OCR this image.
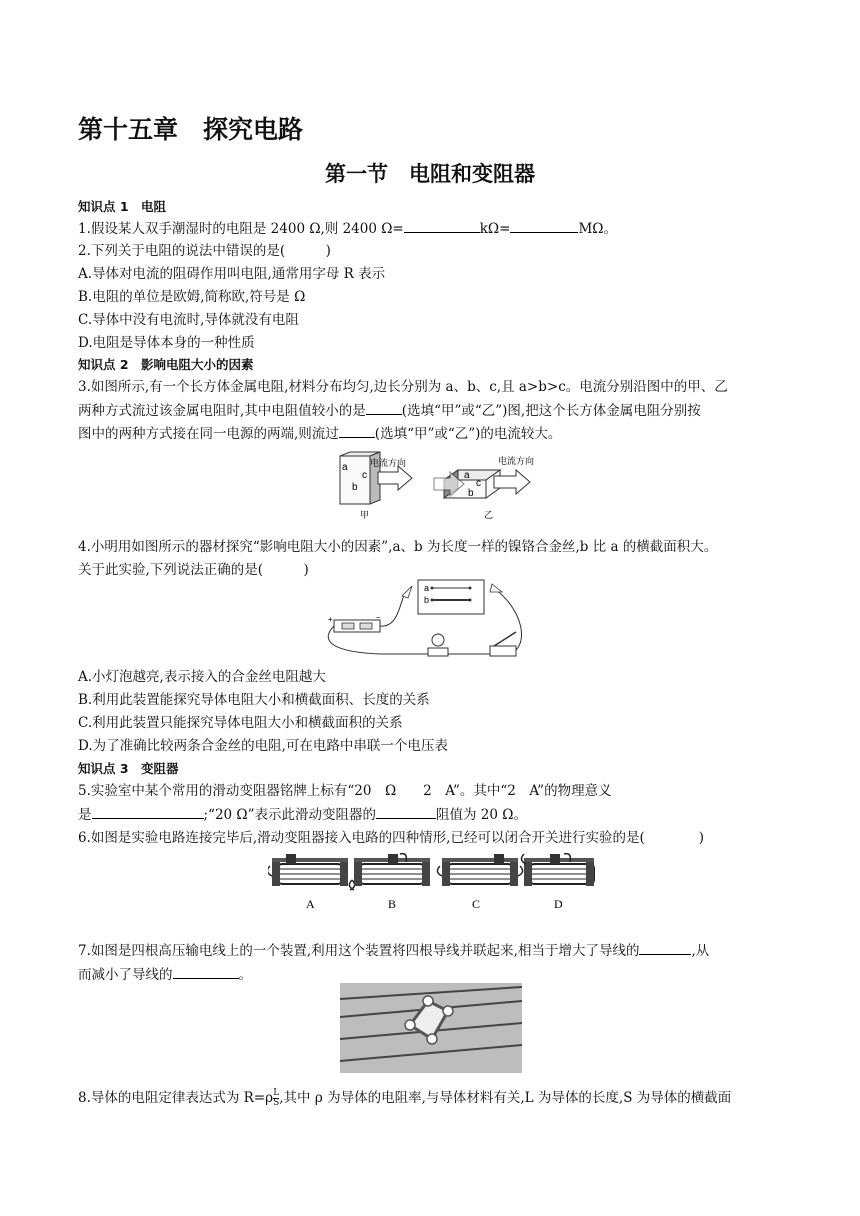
第十五章　探究电路
第一节　电阻和变阻器
知识点 1　电阻
1.假设某人双手潮湿时的电阻是 2400 Ω,则 2400 Ω=	kΩ=	MΩ。
2.下列关于电阻的说法中错误的是(　　　)
A.导体对电流的阻碍作用叫电阻,通常用字母 R 表示
B.电阻的单位是欧姆,简称欧,符号是 Ω
C.导体中没有电流时,导体就没有电阻
D.电阻是导体本身的一种性质
知识点 2　影响电阻大小的因素
3.如图所示,有一个长方体金属电阻,材料分布均匀,边长分别为 a、b、c,且 a>b>c。电流分别沿图中的甲、乙
两种方式流过该金属电阻时,其中电阻值较小的是	(选填“甲”或“乙”)图,把这个长方体金属电阻分别按
图中的两种方式接在同一电源的两端,则流过	(选填“甲”或“乙”)的电流较大。
a
b
c
电流方向
甲
a
c
b
电流方向
乙
4.小明用如图所示的器材探究“影响电阻大小的因素”,a、b 为长度一样的镍铬合金丝,b 比 a 的横截面积大。
关于此实验,下列说法正确的是(　　　)
a
b
+	−
A.小灯泡越亮,表示接入的合金丝电阻越大
B.利用此装置能探究导体电阻大小和横截面积、长度的关系
C.利用此装置只能探究导体电阻大小和横截面积的关系
D.为了准确比较两条合金丝的电阻,可在电路中串联一个电压表
知识点 3　变阻器
5.实验室中某个常用的滑动变阻器铭牌上标有“20　Ω　　2　A”。其中“2　A”的物理意义
是	;“20 Ω”表示此滑动变阻器的	阻值为 20 Ω。
6.如图是实验电路连接完毕后,滑动变阻器接入电路的四种情形,已经可以闭合开关进行实验的是(　　　　)
A	B	C	D
7.如图是四根高压输电线上的一个装置,利用这个装置将四根导线并联起来,相当于增大了导线的	,从
而减小了导线的	。
8.导体的电阻定律表达式为 $R=\rho \frac{L}{S}$ ,其中 ρ 为导体的电阻率,与导体材料有关,L 为导体的长度,S 为导体的横截面
